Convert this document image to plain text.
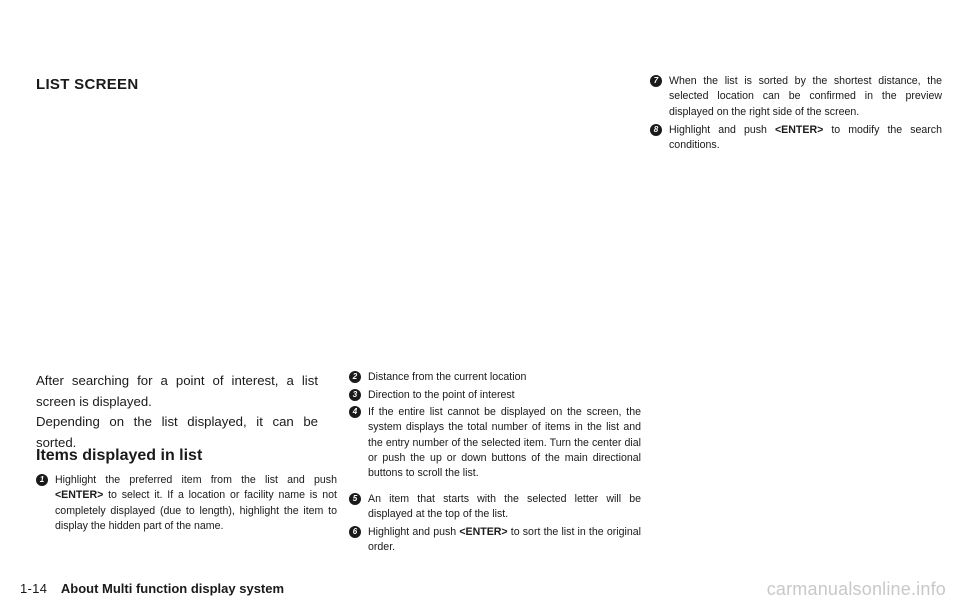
LIST SCREEN

After searching for a point of interest, a list screen is displayed.

Depending on the list displayed, it can be sorted.

Items displayed in list
1	Highlight the preferred item from the list and push <ENTER> to select it. If a location or facility name is not completely displayed (due to length), highlight the item to display the hidden part of the name.
2	Distance from the current location
3	Direction to the point of interest
4	If the entire list cannot be displayed on the screen, the system displays the total number of items in the list and the entry number of the selected item. Turn the center dial or push the up or down buttons of the main directional buttons to scroll the list.
5	An item that starts with the selected letter will be displayed at the top of the list.
6	Highlight and push <ENTER> to sort the list in the original order.
7	When the list is sorted by the shortest distance, the selected location can be confirmed in the preview displayed on the right side of the screen.
8	Highlight and push <ENTER> to modify the search conditions.

1-14 About Multi function display system	carmanualsonline.info
